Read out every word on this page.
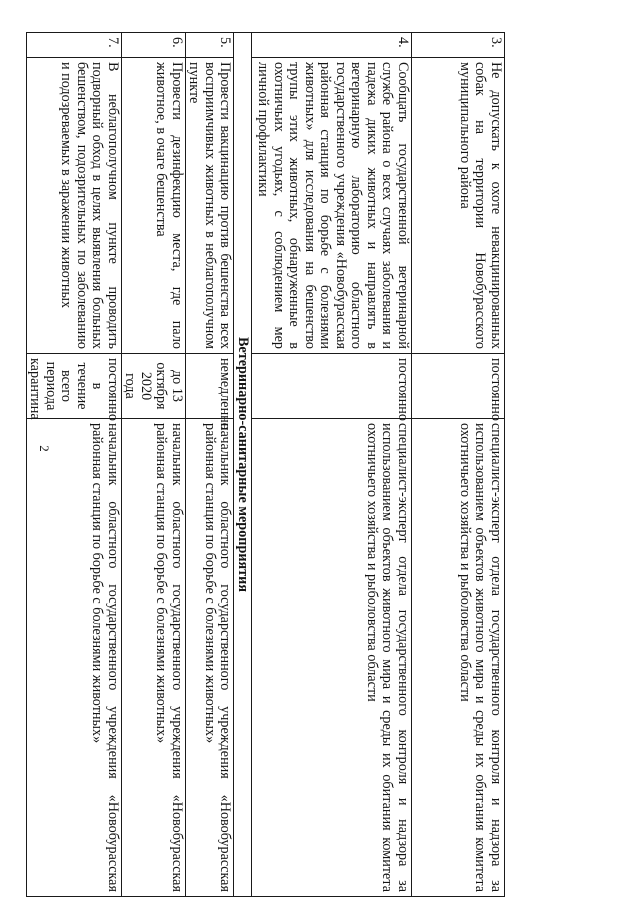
2
3.	Не допускать к охоте невакцинированных собак на территории Новобурасского муниципального района	постоянно	специалист-эксперт отдела государственного контроля и надзора за использованием объектов животного мира и среды их обитания комитета охотничьего хозяйства и рыболовства области
4.	Сообщать государственной ветеринарной службе района о всех случаях заболевания и падежа диких животных и направлять в ветеринарную лабораторию областного государственного учреждения «Новобурасская районная станция по борьбе с болезнями животных» для исследования на бешенство трупы этих животных, обнаруженные в охотничьих угодьях, с соблюдением мер личной профилактики	постоянно	специалист-эксперт отдела государственного контроля и надзора за использованием объектов животного мира и среды их обитания комитета охотничьего хозяйства и рыболовства области
Ветеринарно-санитарные мероприятия			
5.	Провести вакцинацию против бешенства всех восприимчивых животных в неблагополучном пункте	немедленно	начальник областного государственного учреждения «Новобурасская районная станция по борьбе с болезнями животных»
6.	Провести дезинфекцию места, где пало животное, в очаге бешенства	до 13 октября 2020 года	начальник областного государственного учреждения «Новобурасская районная станция по борьбе с болезнями животных»
7.	В неблагополучном пункте проводить подворный обход в целях выявления больных бешенством, подозрительных по заболеванию и подозреваемых в заражении животных	постоянно в течение всего периода карантина	начальник областного государственного учреждения «Новобурасская районная станция по борьбе с болезнями животных»
